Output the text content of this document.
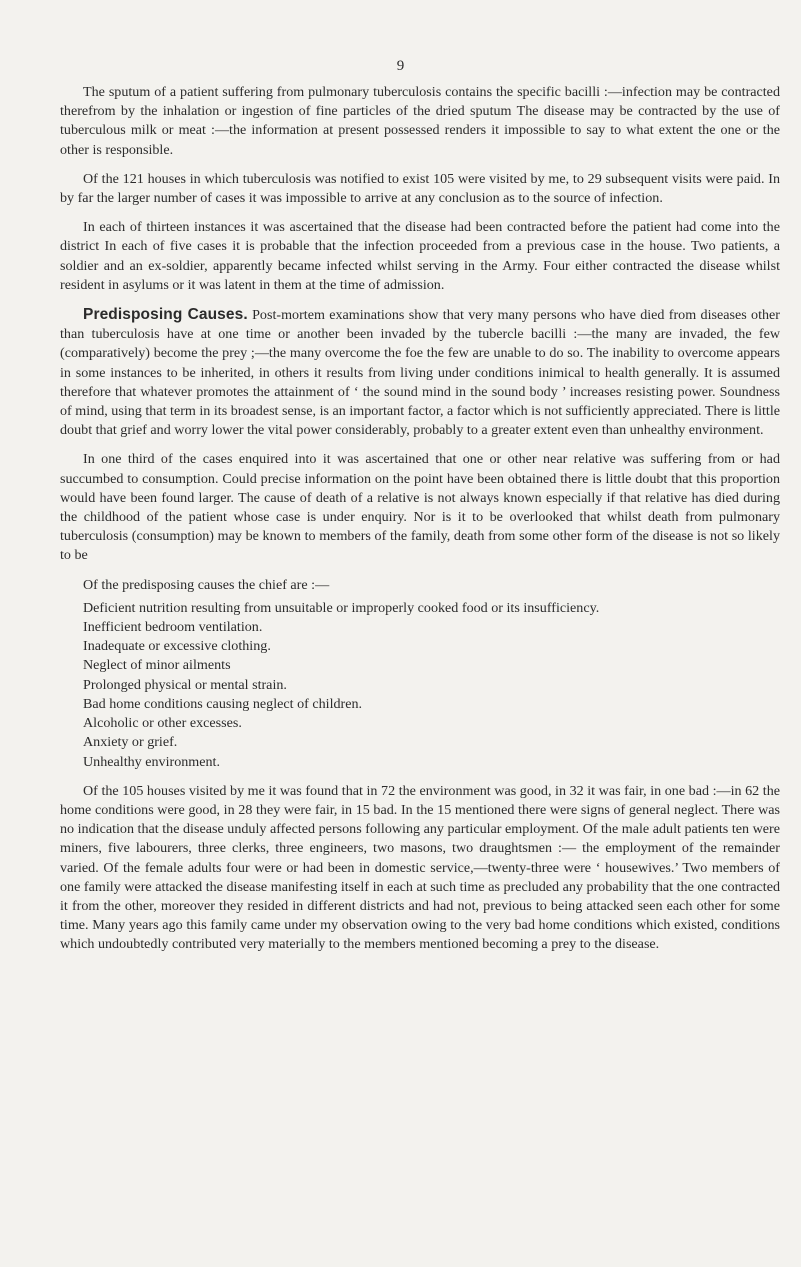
9

The sputum of a patient suffering from pulmonary tuberculosis contains the specific bacilli :—infection may be contracted therefrom by the inhalation or ingestion of fine particles of the dried sputum The disease may be contracted by the use of tuberculous milk or meat :—the information at present possessed renders it impossible to say to what extent the one or the other is responsible.

Of the 121 houses in which tuberculosis was notified to exist 105 were visited by me, to 29 subsequent visits were paid. In by far the larger number of cases it was impossible to arrive at any conclusion as to the source of infection.

In each of thirteen instances it was ascertained that the disease had been contracted before the patient had come into the district In each of five cases it is probable that the infection proceeded from a previous case in the house. Two patients, a soldier and an ex-soldier, apparently became infected whilst serving in the Army. Four either contracted the disease whilst resident in asylums or it was latent in them at the time of admission.

Predisposing Causes. Post-mortem examinations show that very many persons who have died from diseases other than tuberculosis have at one time or another been invaded by the tubercle bacilli :—the many are invaded, the few (comparatively) become the prey ;—the many overcome the foe the few are unable to do so. The inability to overcome appears in some instances to be inherited, in others it results from living under conditions inimical to health generally. It is assumed therefore that whatever promotes the attainment of ‘ the sound mind in the sound body ’ increases resisting power. Soundness of mind, using that term in its broadest sense, is an important factor, a factor which is not sufficiently appreciated. There is little doubt that grief and worry lower the vital power considerably, probably to a greater extent even than unhealthy environment.

In one third of the cases enquired into it was ascertained that one or other near relative was suffering from or had succumbed to consumption. Could precise information on the point have been obtained there is little doubt that this proportion would have been found larger. The cause of death of a relative is not always known especially if that relative has died during the childhood of the patient whose case is under enquiry. Nor is it to be overlooked that whilst death from pulmonary tuberculosis (consumption) may be known to members of the family, death from some other form of the disease is not so likely to be

Of the predisposing causes the chief are :—

Deficient nutrition resulting from unsuitable or improperly cooked food or its insufficiency.
Inefficient bedroom ventilation.
Inadequate or excessive clothing.
Neglect of minor ailments
Prolonged physical or mental strain.
Bad home conditions causing neglect of children.
Alcoholic or other excesses.
Anxiety or grief.
Unhealthy environment.

Of the 105 houses visited by me it was found that in 72 the environment was good, in 32 it was fair, in one bad :—in 62 the home conditions were good, in 28 they were fair, in 15 bad. In the 15 mentioned there were signs of general neglect. There was no indication that the disease unduly affected persons following any particular employment. Of the male adult patients ten were miners, five labourers, three clerks, three engineers, two masons, two draughtsmen :— the employment of the remainder varied. Of the female adults four were or had been in domestic service,—twenty-three were ‘ housewives.’ Two members of one family were attacked the disease manifesting itself in each at such time as precluded any probability that the one contracted it from the other, moreover they resided in different districts and had not, previous to being attacked seen each other for some time. Many years ago this family came under my observation owing to the very bad home conditions which existed, conditions which undoubtedly contributed very materially to the members mentioned becoming a prey to the disease.
